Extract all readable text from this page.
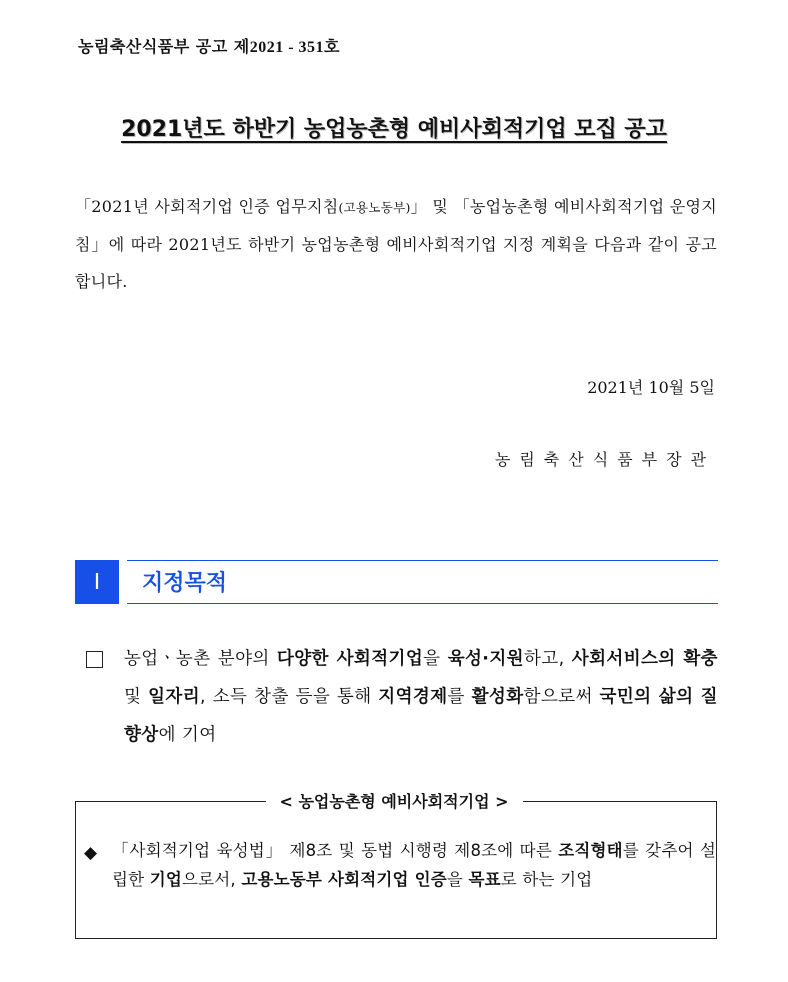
농림축산식품부 공고 제2021 - 351호
2021년도 하반기 농업농촌형 예비사회적기업 모집 공고
「2021년 사회적기업 인증 업무지침(고용노동부)」 및 「농업농촌형 예비사회적기업 운영지침」에 따라 2021년도 하반기 농업농촌형 예비사회적기업 지정 계획을 다음과 같이 공고합니다.
2021년 10월 5일
농림축산식품부장관
Ⅰ	지정목적
농업ㆍ농촌 분야의 다양한 사회적기업을 육성·지원하고, 사회서비스의 확충 및 일자리, 소득 창출 등을 통해 지역경제를 활성화함으로써 국민의 삶의 질 향상에 기여
< 농업농촌형 예비사회적기업 >
◆ 「사회적기업 육성법」 제8조 및 동법 시행령 제8조에 따른 조직형태를 갖추어 설립한 기업으로서, 고용노동부 사회적기업 인증을 목표로 하는 기업
